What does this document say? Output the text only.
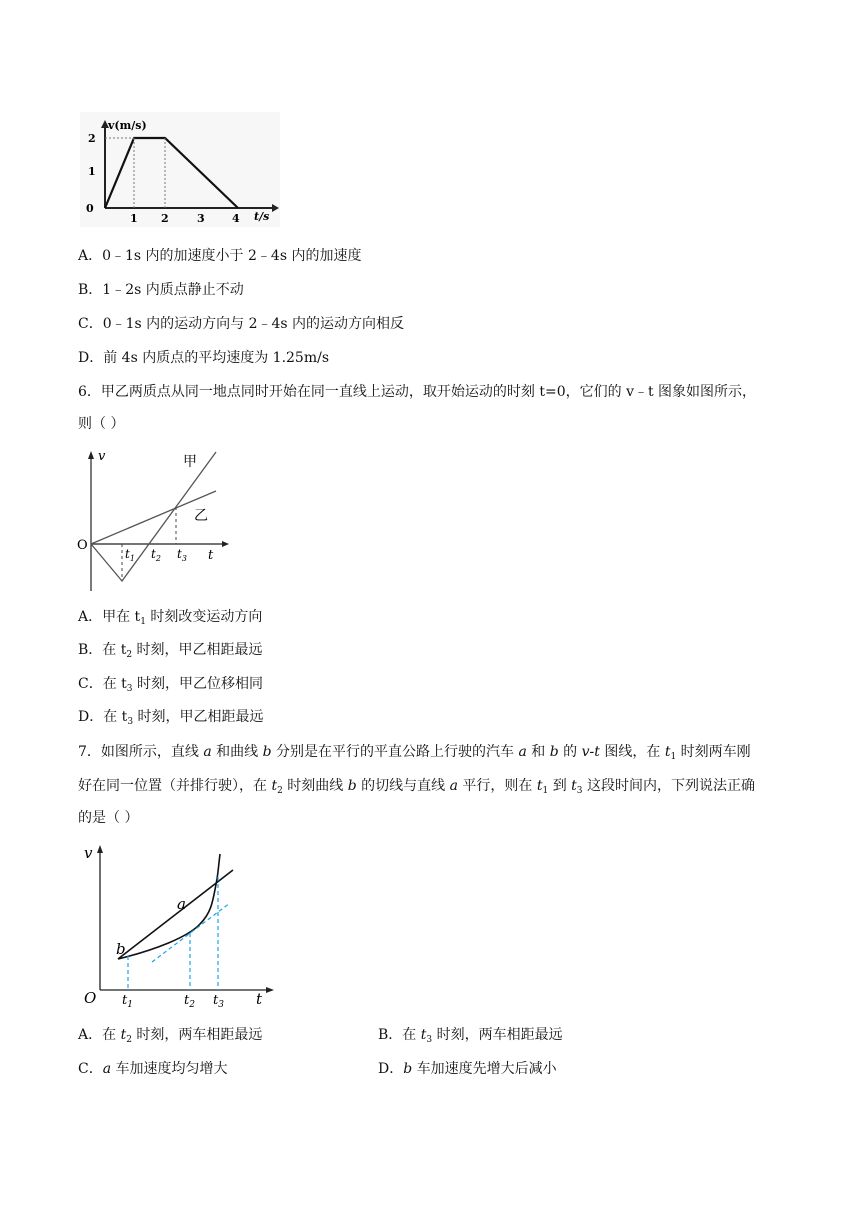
v(m/s)
2
1
0
1 2	3 4 t/s
A．0﹣1s 内的加速度小于 2﹣4s 内的加速度
B．1﹣2s 内质点静止不动
C．0﹣1s 内的运动方向与 2﹣4s 内的运动方向相反
D．前 4s 内质点的平均速度为 1.25m/s
6．甲乙两质点从同一地点同时开始在同一直线上运动，取开始运动的时刻 t=0，它们的 v﹣t 图象如图所示，
则（ ）
v
O
t
甲
乙
$t_1$ $t_2$ $t_3$
A．甲在 $t_1$ 时刻改变运动方向
B．在 $t_2$ 时刻，甲乙相距最远
C．在 $t_3$ 时刻，甲乙位移相同
D．在 $t_3$ 时刻，甲乙相距最远
7．如图所示，直线 a 和曲线 b 分别是在平行的平直公路上行驶的汽车 a 和 b 的 v-t 图线，在 $t_1$ 时刻两车刚
好在同一位置（并排行驶），在 $t_2$ 时刻曲线 b 的切线与直线 a 平行，则在 $t_1$ 到 $t_3$ 这段时间内，下列说法正确
的是（ ）
v
O	t
a
b
$t_1$	$t_2$ $t_3$
A．在 $t_2$ 时刻，两车相距最远	B．在 $t_3$ 时刻，两车相距最远
C．a 车加速度均匀增大	D．b 车加速度先增大后减小
